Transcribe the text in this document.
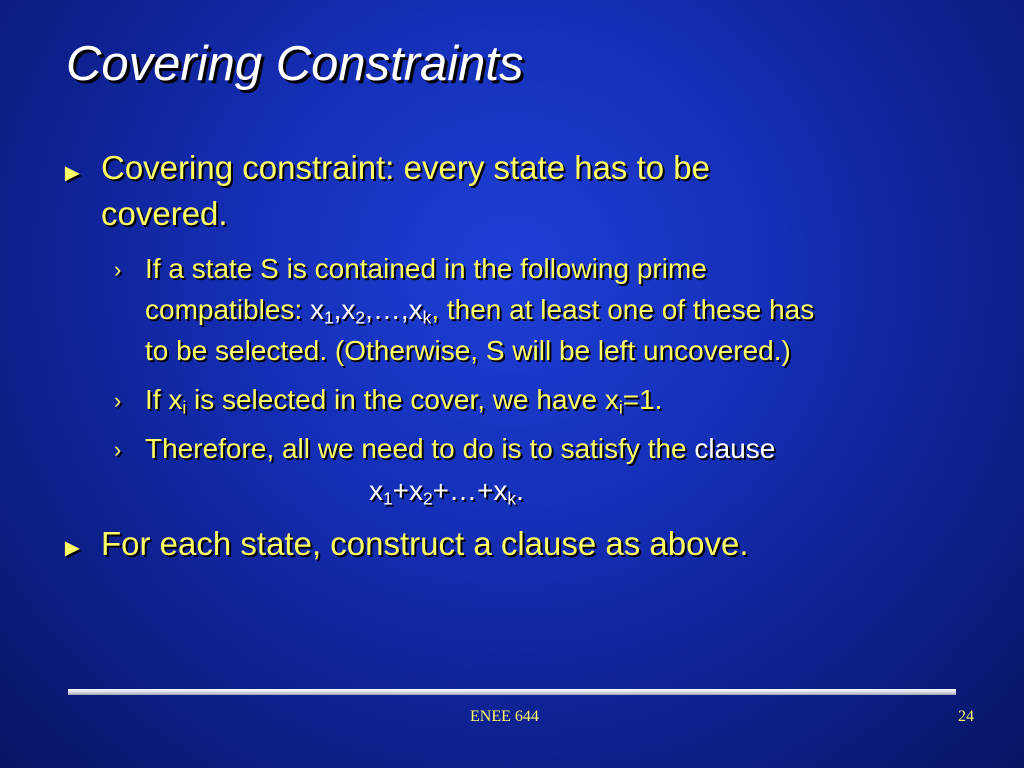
Covering Constraints
► Covering constraint: every state has to be
covered.
› If a state S is contained in the following prime
compatibles: $x_1,x_2,\dots,x_k$, then at least one of these has
to be selected. (Otherwise, S will be left uncovered.)
› If $x_i$ is selected in the cover, we have $x_i=1$.
› Therefore, all we need to do is to satisfy the clause
$x_1+x_2+\dots+x_k$.
► For each state, construct a clause as above.
ENEE 644	24
